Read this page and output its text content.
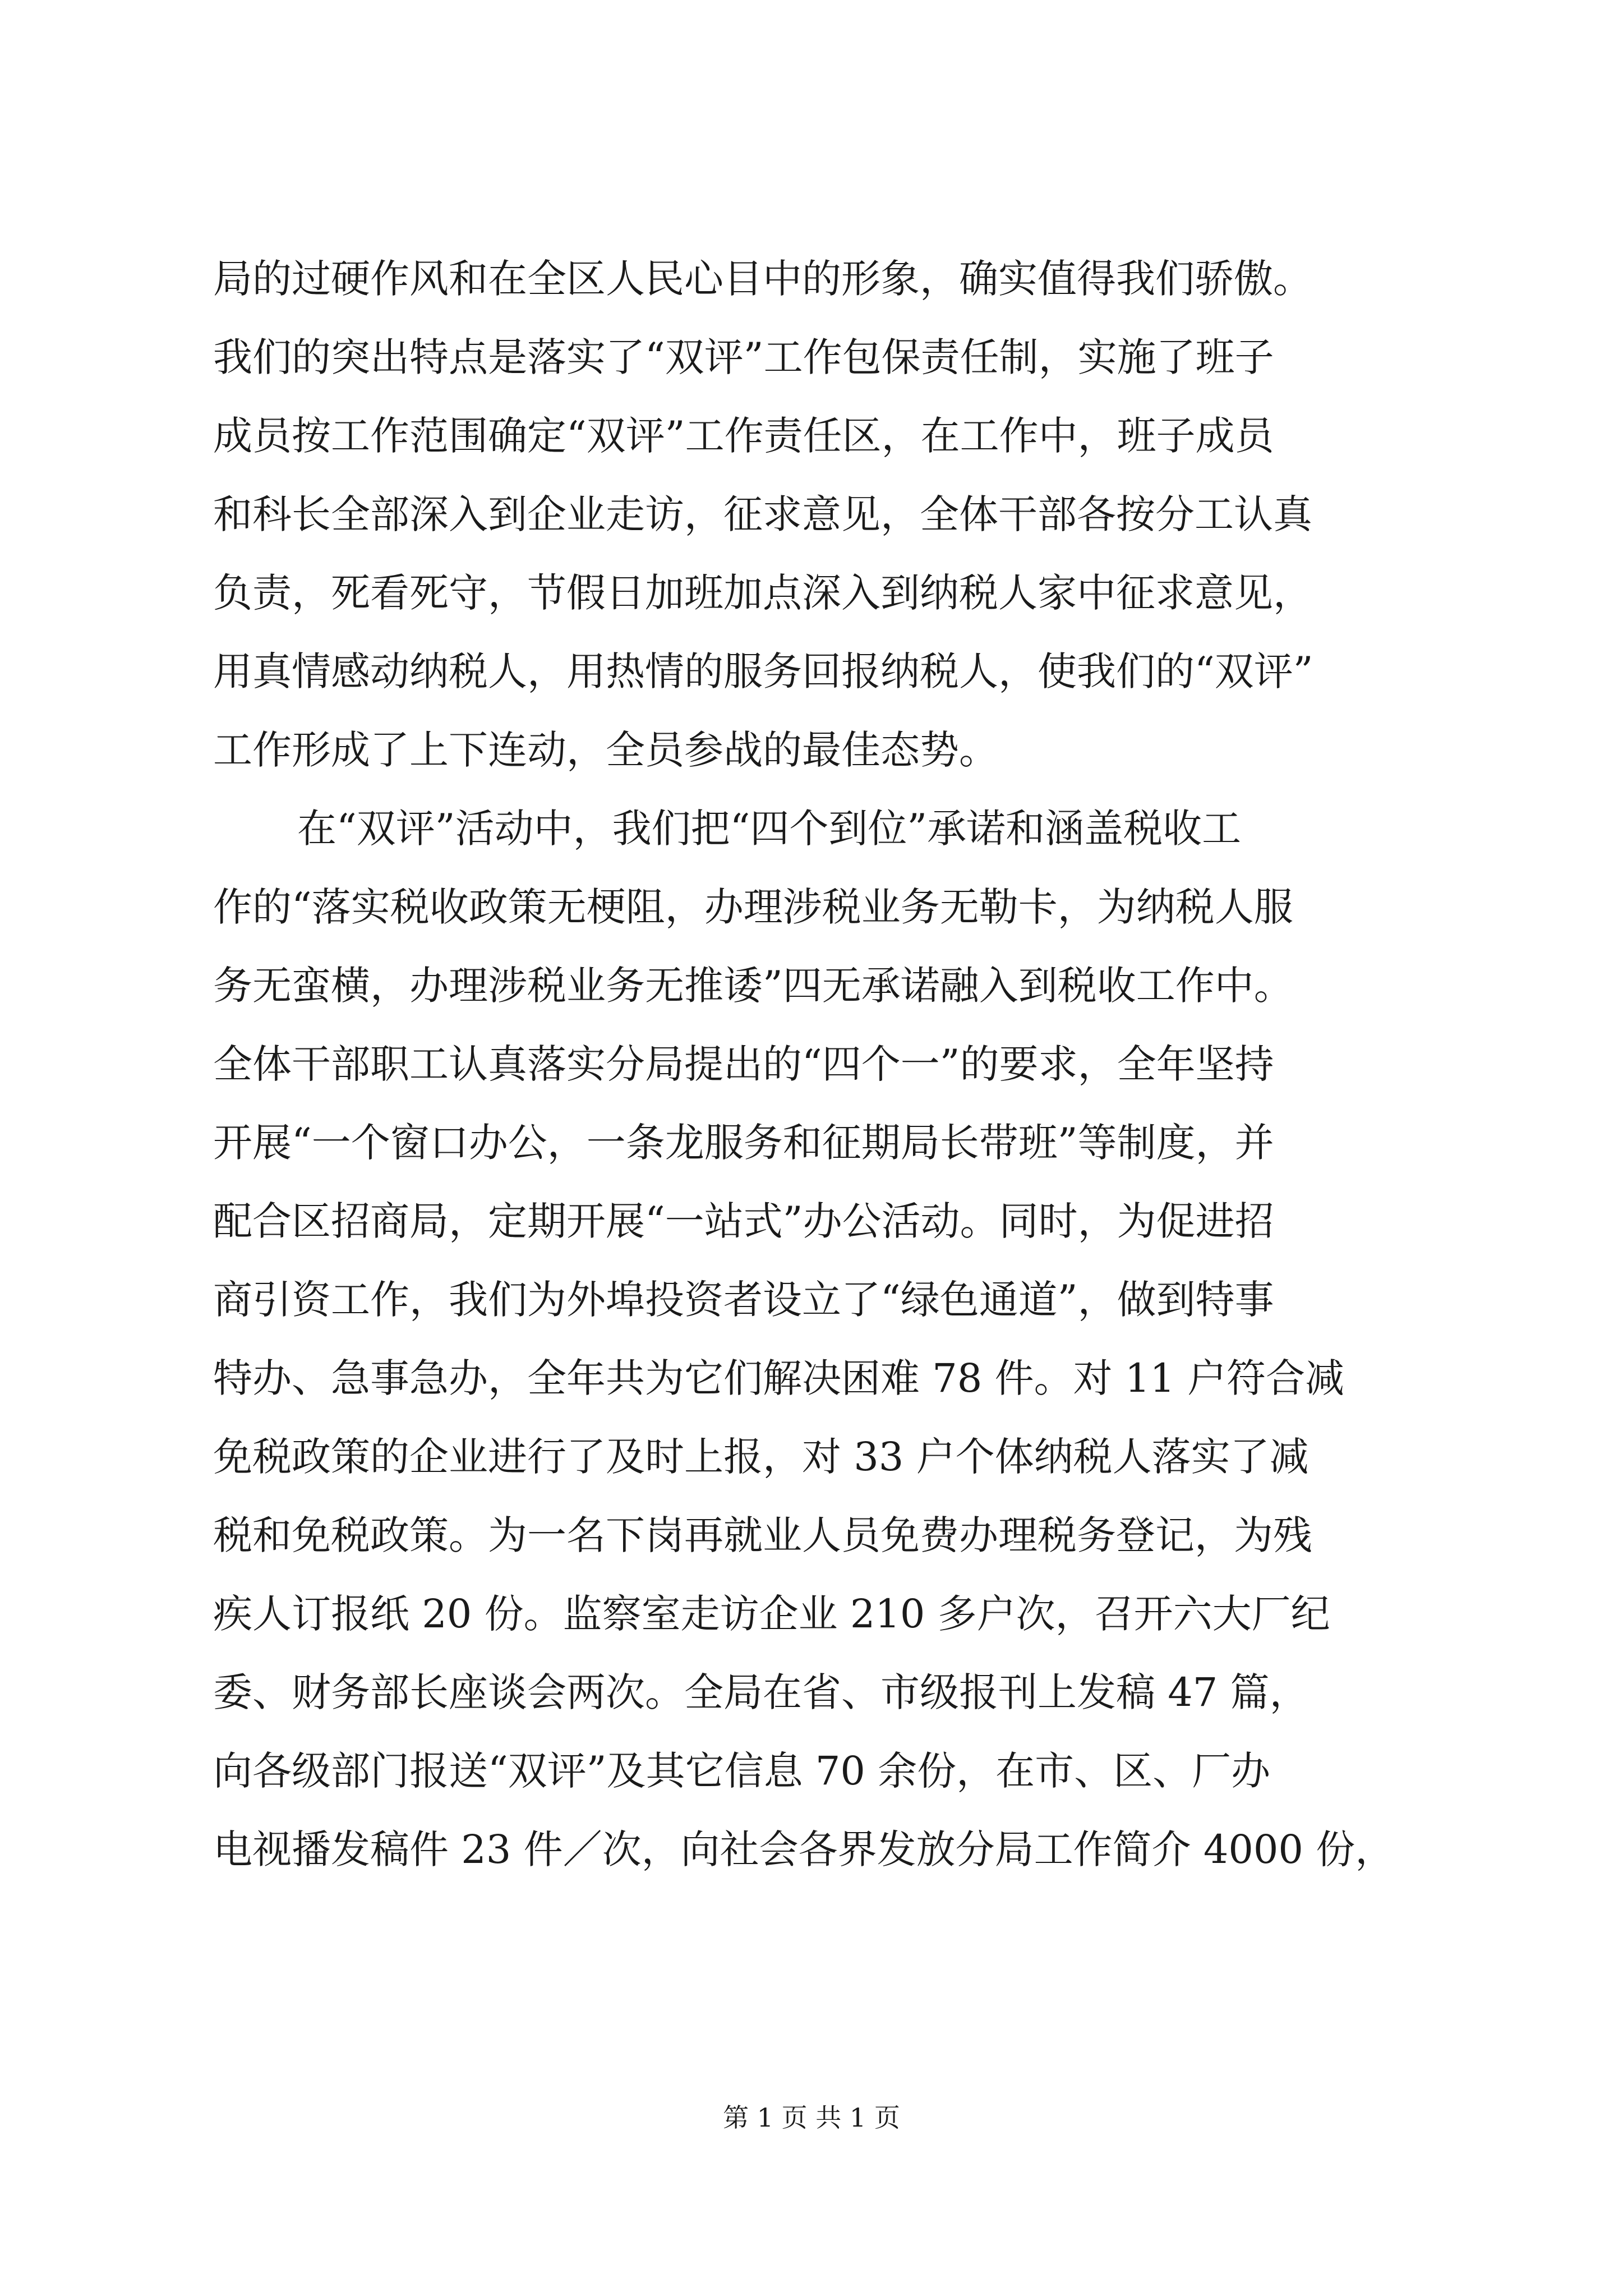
局的过硬作风和在全区人民心目中的形象，确实值得我们骄傲。
我们的突出特点是落实了“双评”工作包保责任制，实施了班子
成员按工作范围确定“双评”工作责任区，在工作中，班子成员
和科长全部深入到企业走访，征求意见，全体干部各按分工认真
负责，死看死守，节假日加班加点深入到纳税人家中征求意见，
用真情感动纳税人，用热情的服务回报纳税人，使我们的“双评”
工作形成了上下连动，全员参战的最佳态势。
在“双评”活动中，我们把“四个到位”承诺和涵盖税收工
作的“落实税收政策无梗阻，办理涉税业务无勒卡，为纳税人服
务无蛮横，办理涉税业务无推诿”四无承诺融入到税收工作中。
全体干部职工认真落实分局提出的“四个一”的要求，全年坚持
开展“一个窗口办公，一条龙服务和征期局长带班”等制度，并
配合区招商局，定期开展“一站式”办公活动。同时，为促进招
商引资工作，我们为外埠投资者设立了“绿色通道”，做到特事
特办、急事急办，全年共为它们解决困难 78 件。对 11 户符合减
免税政策的企业进行了及时上报，对 33 户个体纳税人落实了减
税和免税政策。为一名下岗再就业人员免费办理税务登记，为残
疾人订报纸 20 份。监察室走访企业 210 多户次，召开六大厂纪
委、财务部长座谈会两次。全局在省、市级报刊上发稿 47 篇，
向各级部门报送“双评”及其它信息 70 余份，在市、区、厂办
电视播发稿件 23 件／次，向社会各界发放分局工作简介 4000 份，
第 1 页 共 1 页
